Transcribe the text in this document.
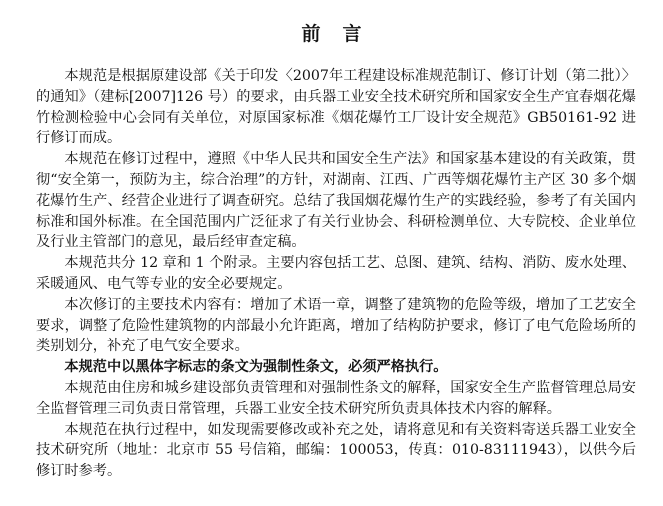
前言

本规范是根据原建设部《关于印发〈2007年工程建设标准规范制订、修订计划（第二批）〉的通知》（建标[2007]126 号）的要求，由兵器工业安全技术研究所和国家安全生产宜春烟花爆竹检测检验中心会同有关单位，对原国家标准《烟花爆竹工厂设计安全规范》GB50161-92 进行修订而成。

本规范在修订过程中，遵照《中华人民共和国安全生产法》和国家基本建设的有关政策，贯彻“安全第一，预防为主，综合治理”的方针，对湖南、江西、广西等烟花爆竹主产区 30 多个烟花爆竹生产、经营企业进行了调查研究。总结了我国烟花爆竹生产的实践经验，参考了有关国内标准和国外标准。在全国范围内广泛征求了有关行业协会、科研检测单位、大专院校、企业单位及行业主管部门的意见，最后经审查定稿。

本规范共分 12 章和 1 个附录。主要内容包括工艺、总图、建筑、结构、消防、废水处理、采暖通风、电气等专业的安全必要规定。

本次修订的主要技术内容有：增加了术语一章，调整了建筑物的危险等级，增加了工艺安全要求，调整了危险性建筑物的内部最小允许距离，增加了结构防护要求，修订了电气危险场所的类别划分，补充了电气安全要求。

本规范中以黑体字标志的条文为强制性条文，必须严格执行。

本规范由住房和城乡建设部负责管理和对强制性条文的解释，国家安全生产监督管理总局安全监督管理三司负责日常管理，兵器工业安全技术研究所负责具体技术内容的解释。

本规范在执行过程中，如发现需要修改或补充之处，请将意见和有关资料寄送兵器工业安全技术研究所（地址：北京市 55 号信箱，邮编：100053，传真：010-83111943），以供今后修订时参考。
